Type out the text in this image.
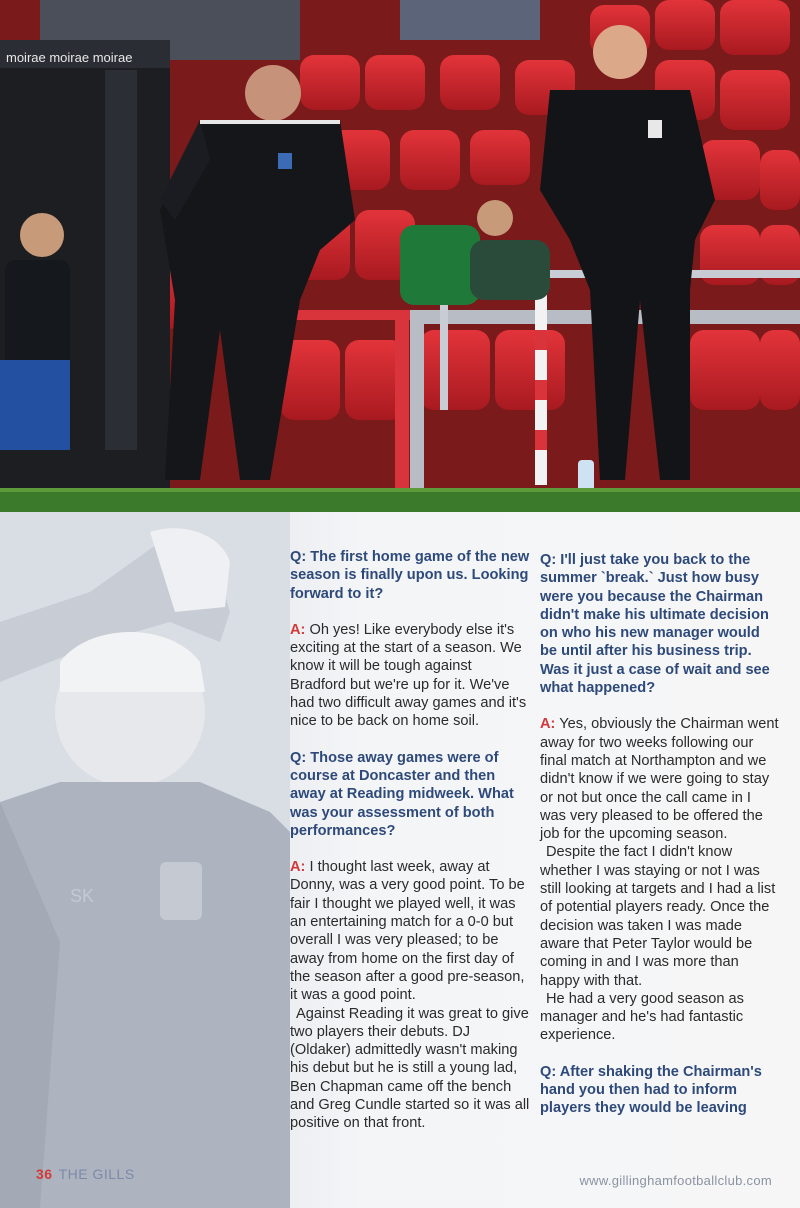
moirae moirae moirae
SK

Q: The first home game of the new season is finally upon us. Looking forward to it?

A: Oh yes! Like everybody else it's exciting at the start of a season. We know it will be tough against Bradford but we're up for it. We've had two difficult away games and it's nice to be back on home soil.

Q: Those away games were of course at Doncaster and then away at Reading midweek. What was your assessment of both performances?

A: I thought last week, away at Donny, was a very good point. To be fair I thought we played well, it was an entertaining match for a 0-0 but overall I was very pleased; to be away from home on the first day of the season after a good pre-season, it was a good point.

Against Reading it was great to give two players their debuts. DJ (Oldaker) admittedly wasn't making his debut but he is still a young lad, Ben Chapman came off the bench and Greg Cundle started so it was all positive on that front.

Q: I'll just take you back to the summer `break.` Just how busy were you because the Chairman didn't make his ultimate decision on who his new manager would be until after his business trip. Was it just a case of wait and see what happened?

A: Yes, obviously the Chairman went away for two weeks following our final match at Northampton and we didn't know if we were going to stay or not but once the call came in I was very pleased to be offered the job for the upcoming season.

Despite the fact I didn't know whether I was staying or not I was still looking at targets and I had a list of potential players ready. Once the decision was taken I was made aware that Peter Taylor would be coming in and I was more than happy with that.

He had a very good season as manager and he's had fantastic experience.

Q: After shaking the Chairman's hand you then had to inform players they would be leaving

36 THE GILLS	www.gillinghamfootballclub.com
